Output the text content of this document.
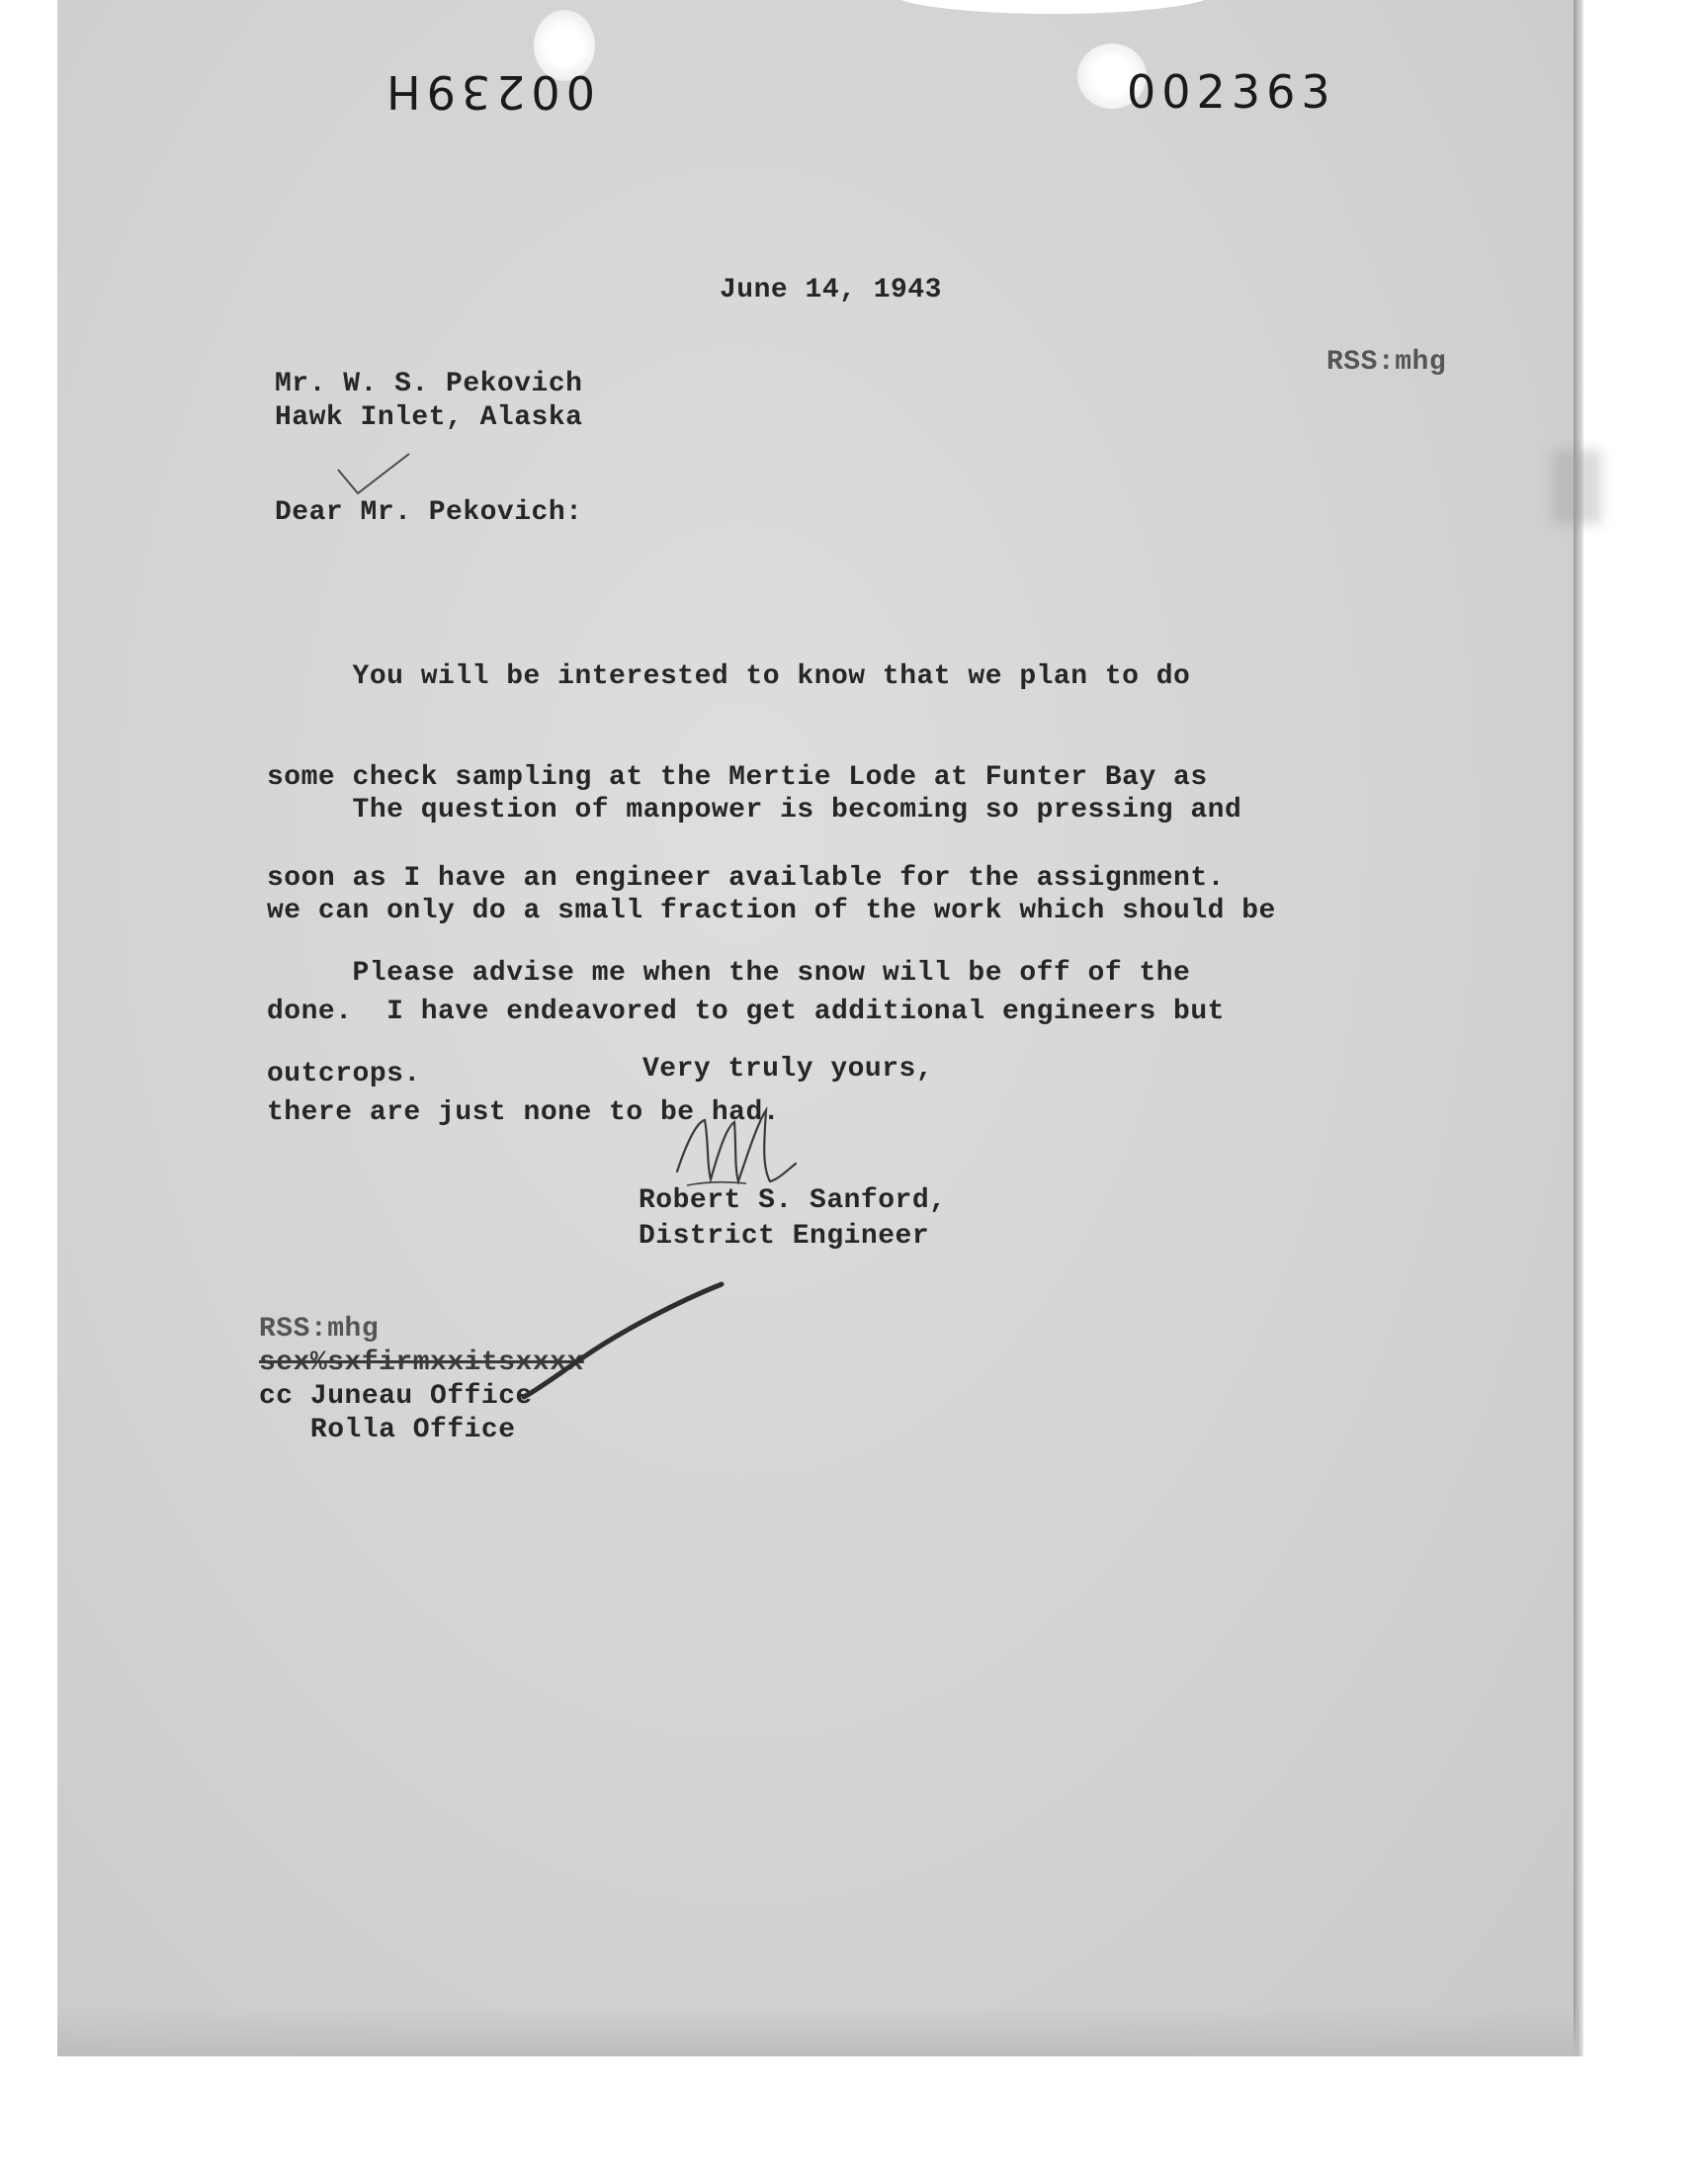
00239H	002363
June 14, 1943
RSS:mhg
Mr. W. S. Pekovich
Hawk Inlet, Alaska
Dear Mr. Pekovich:

You will be interested to know that we plan to do

some check sampling at the Mertie Lode at Funter Bay as

soon as I have an engineer available for the assignment.

The question of manpower is becoming so pressing and

we can only do a small fraction of the work which should be

done.  I have endeavored to get additional engineers but

there are just none to be had.

Please advise me when the snow will be off of the

outcrops.

	Very truly yours,
Robert S. Sanford,
District Engineer
RSS:mhg
sex%sxfirmxxitsxxxx
cc Juneau Office
Rolla Office
